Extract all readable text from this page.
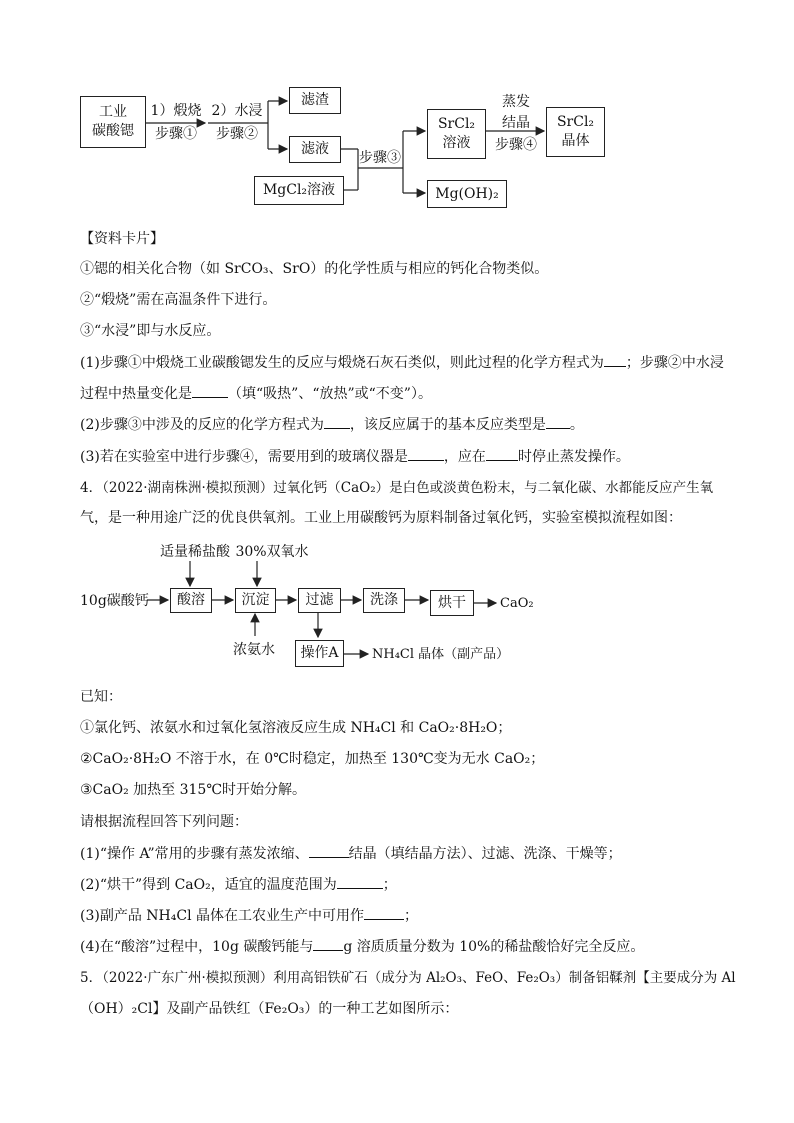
工业
碳酸锶
1）煅烧
步骤①
2）水浸
步骤②
滤渣
滤液
MgCl₂溶液
步骤③
SrCl₂
溶液
蒸发
结晶
步骤④
SrCl₂
晶体
Mg(OH)₂
【资料卡片】
①锶的相关化合物（如 SrCO₃、SrO）的化学性质与相应的钙化合物类似。
②“煅烧”需在高温条件下进行。
③“水浸”即与水反应。
(1)步骤①中煅烧工业碳酸锶发生的反应与煅烧石灰石类似，则此过程的化学方程式为 ；步骤②中水浸
过程中热量变化是	（填“吸热”、“放热”或“不变”）。
(2)步骤③中涉及的反应的化学方程式为 ，该反应属于的基本反应类型是 。
(3)若在实验室中进行步骤④，需要用到的玻璃仪器是	，应在 时停止蒸发操作。
4．（2022·湖南株洲·模拟预测）过氧化钙（CaO₂）是白色或淡黄色粉末，与二氧化碳、水都能反应产生氧
气，是一种用途广泛的优良供氧剂。工业上用碳酸钙为原料制备过氧化钙，实验室模拟流程如图：
适量稀盐酸 30%双氧水
10g碳酸钙	酸溶	沉淀	过滤	洗涤	烘干	CaO₂
浓氨水	操作A	NH₄Cl 晶体（副产品）
已知：
①氯化钙、浓氨水和过氧化氢溶液反应生成 NH₄Cl 和 CaO₂·8H₂O；
②CaO₂·8H₂O 不溶于水，在 0℃时稳定，加热至 130℃变为无水 CaO₂；
③CaO₂ 加热至 315℃时开始分解。
请根据流程回答下列问题：
(1)“操作 A”常用的步骤有蒸发浓缩、	结晶（填结晶方法）、过滤、洗涤、干燥等；
(2)“烘干”得到 CaO₂，适宜的温度范围为	；
(3)副产品 NH₄Cl 晶体在工农业生产中可用作	；
(4)在“酸溶”过程中，10g 碳酸钙能与 g 溶质质量分数为 10%的稀盐酸恰好完全反应。
5．（2022·广东广州·模拟预测）利用高铝铁矿石（成分为 Al₂O₃、FeO、Fe₂O₃）制备铝鞣剂【主要成分为 Al
（OH）₂Cl】及副产品铁红（Fe₂O₃）的一种工艺如图所示：
